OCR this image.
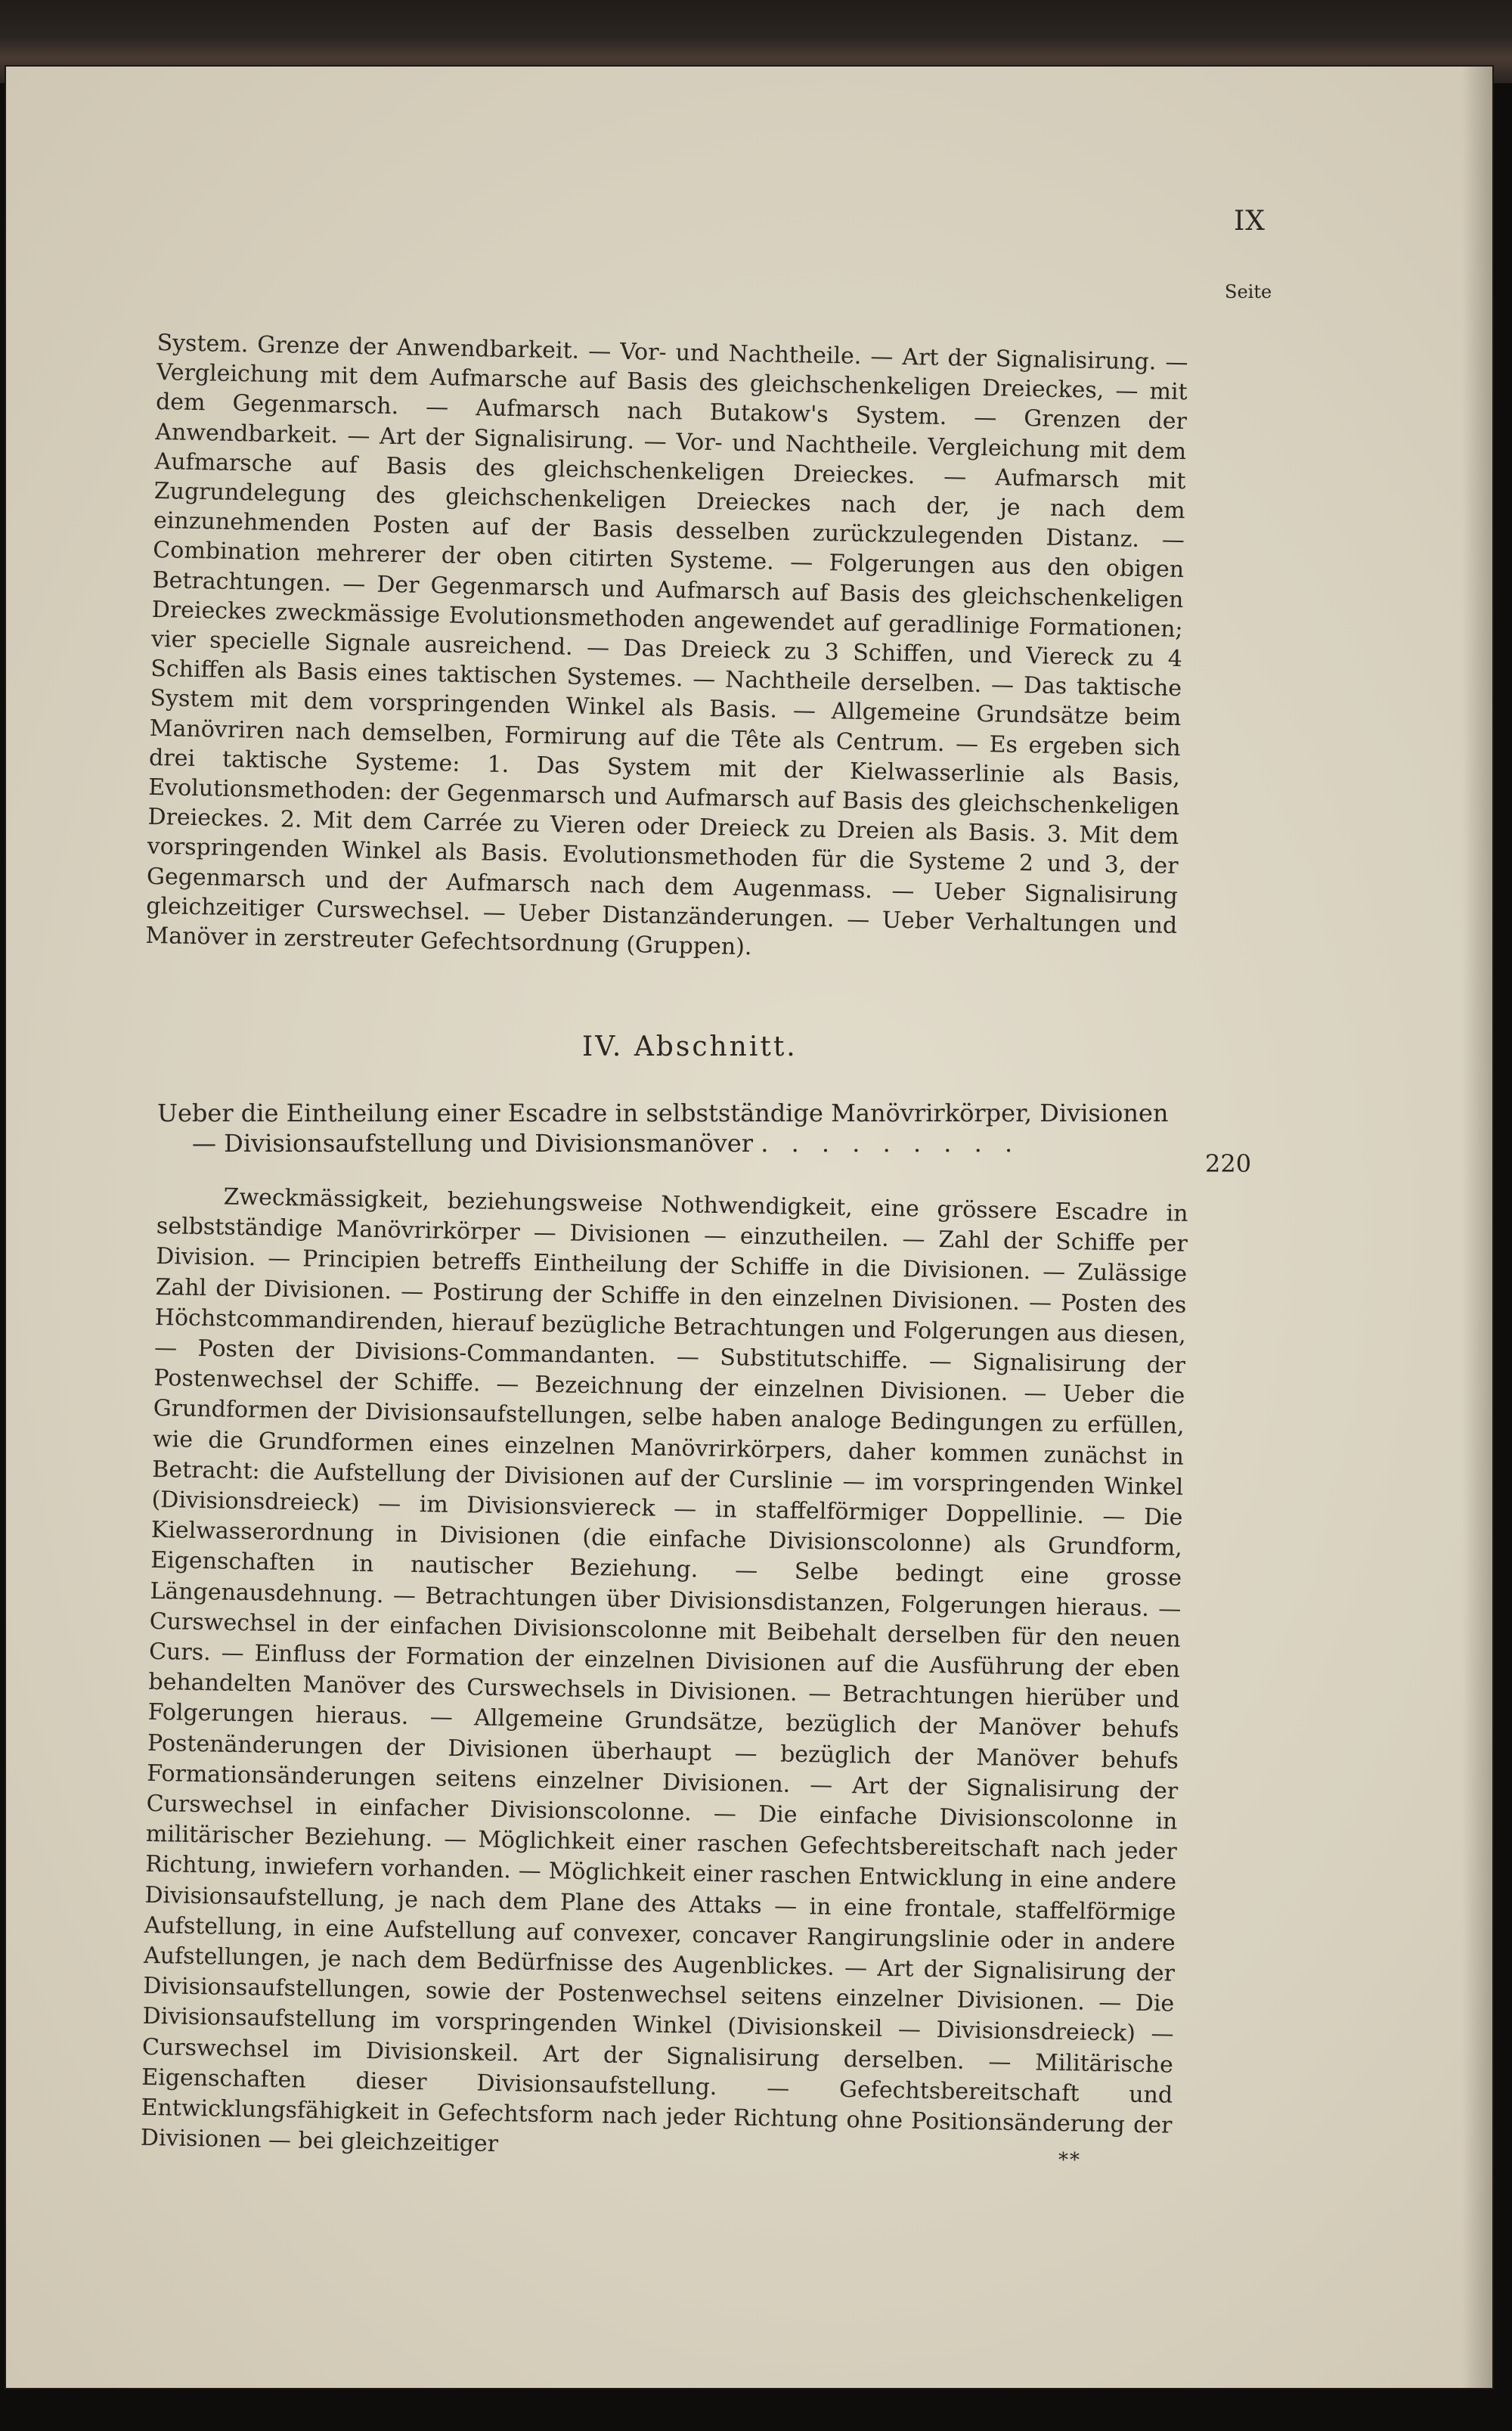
IX
Seite

System. Grenze der Anwendbarkeit. — Vor- und Nachtheile. — Art der Signalisirung. — Vergleichung mit dem Aufmarsche auf Basis des gleichschenkeligen Dreieckes, — mit dem Gegenmarsch. — Aufmarsch nach Butakow's System. — Grenzen der Anwendbarkeit. — Art der Signalisirung. — Vor- und Nachtheile. Vergleichung mit dem Aufmarsche auf Basis des gleichschenkeligen Dreieckes. — Aufmarsch mit Zugrundelegung des gleichschenkeligen Dreieckes nach der, je nach dem einzunehmenden Posten auf der Basis desselben zurückzulegenden Distanz. — Combination mehrerer der oben citirten Systeme. — Folgerungen aus den obigen Betrachtungen. — Der Gegenmarsch und Aufmarsch auf Basis des gleichschenkeligen Dreieckes zweckmässige Evolutionsmethoden angewendet auf geradlinige Formationen; vier specielle Signale ausreichend. — Das Dreieck zu 3 Schiffen, und Viereck zu 4 Schiffen als Basis eines taktischen Systemes. — Nachtheile derselben. — Das taktische System mit dem vorspringenden Winkel als Basis. — Allgemeine Grundsätze beim Manövriren nach demselben, Formirung auf die Tête als Centrum. — Es ergeben sich drei taktische Systeme: 1. Das System mit der Kielwasserlinie als Basis, Evolutionsmethoden: der Gegenmarsch und Aufmarsch auf Basis des gleichschenkeligen Dreieckes. 2. Mit dem Carrée zu Vieren oder Dreieck zu Dreien als Basis. 3. Mit dem vorspringenden Winkel als Basis. Evolutionsmethoden für die Systeme 2 und 3, der Gegenmarsch und der Aufmarsch nach dem Augenmass. — Ueber Signalisirung gleichzeitiger Curswechsel. — Ueber Distanzänderungen. — Ueber Verhaltungen und Manöver in zerstreuter Gefechtsordnung (Gruppen).

IV. Abschnitt.
Ueber die Eintheilung einer Escadre in selbstständige Manövrirkörper, Divisionen
— Divisionsaufstellung und Divisionsmanöver . . . . . . . . .
220

Zweckmässigkeit, beziehungsweise Nothwendigkeit, eine grössere Escadre in selbstständige Manövrirkörper — Divisionen — einzutheilen. — Zahl der Schiffe per Division. — Principien betreffs Eintheilung der Schiffe in die Divisionen. — Zulässige Zahl der Divisionen. — Postirung der Schiffe in den einzelnen Divisionen. — Posten des Höchstcommandirenden, hierauf bezügliche Betrachtungen und Folgerungen aus diesen, — Posten der Divisions-Commandanten. — Substitutschiffe. — Signalisirung der Postenwechsel der Schiffe. — Bezeichnung der einzelnen Divisionen. — Ueber die Grundformen der Divisionsaufstellungen, selbe haben analoge Bedingungen zu erfüllen, wie die Grundformen eines einzelnen Manövrirkörpers, daher kommen zunächst in Betracht: die Aufstellung der Divisionen auf der Curslinie — im vorspringenden Winkel (Divisionsdreieck) — im Divisionsviereck — in staffelförmiger Doppellinie. — Die Kielwasserordnung in Divisionen (die einfache Divisionscolonne) als Grundform, Eigenschaften in nautischer Beziehung. — Selbe bedingt eine grosse Längenausdehnung. — Betrachtungen über Divisionsdistanzen, Folgerungen hieraus. — Curswechsel in der einfachen Divisionscolonne mit Beibehalt derselben für den neuen Curs. — Einfluss der Formation der einzelnen Divisionen auf die Ausführung der eben behandelten Manöver des Curswechsels in Divisionen. — Betrachtungen hierüber und Folgerungen hieraus. — Allgemeine Grundsätze, bezüglich der Manöver behufs Postenänderungen der Divisionen überhaupt — bezüglich der Manöver behufs Formationsänderungen seitens einzelner Divisionen. — Art der Signalisirung der Curswechsel in einfacher Divisionscolonne. — Die einfache Divisionscolonne in militärischer Beziehung. — Möglichkeit einer raschen Gefechtsbereitschaft nach jeder Richtung, inwiefern vorhanden. — Möglichkeit einer raschen Entwicklung in eine andere Divisionsaufstellung, je nach dem Plane des Attaks — in eine frontale, staffelförmige Aufstellung, in eine Aufstellung auf convexer, concaver Rangirungslinie oder in andere Aufstellungen, je nach dem Bedürfnisse des Augenblickes. — Art der Signalisirung der Divisionsaufstellungen, sowie der Postenwechsel seitens einzelner Divisionen. — Die Divisionsaufstellung im vorspringenden Winkel (Divisionskeil — Divisionsdreieck) — Curswechsel im Divisionskeil. Art der Signalisirung derselben. — Militärische Eigenschaften dieser Divisionsaufstellung. — Gefechtsbereitschaft und Entwicklungsfähigkeit in Gefechtsform nach jeder Richtung ohne Positionsänderung der Divisionen — bei gleichzeitiger

**
